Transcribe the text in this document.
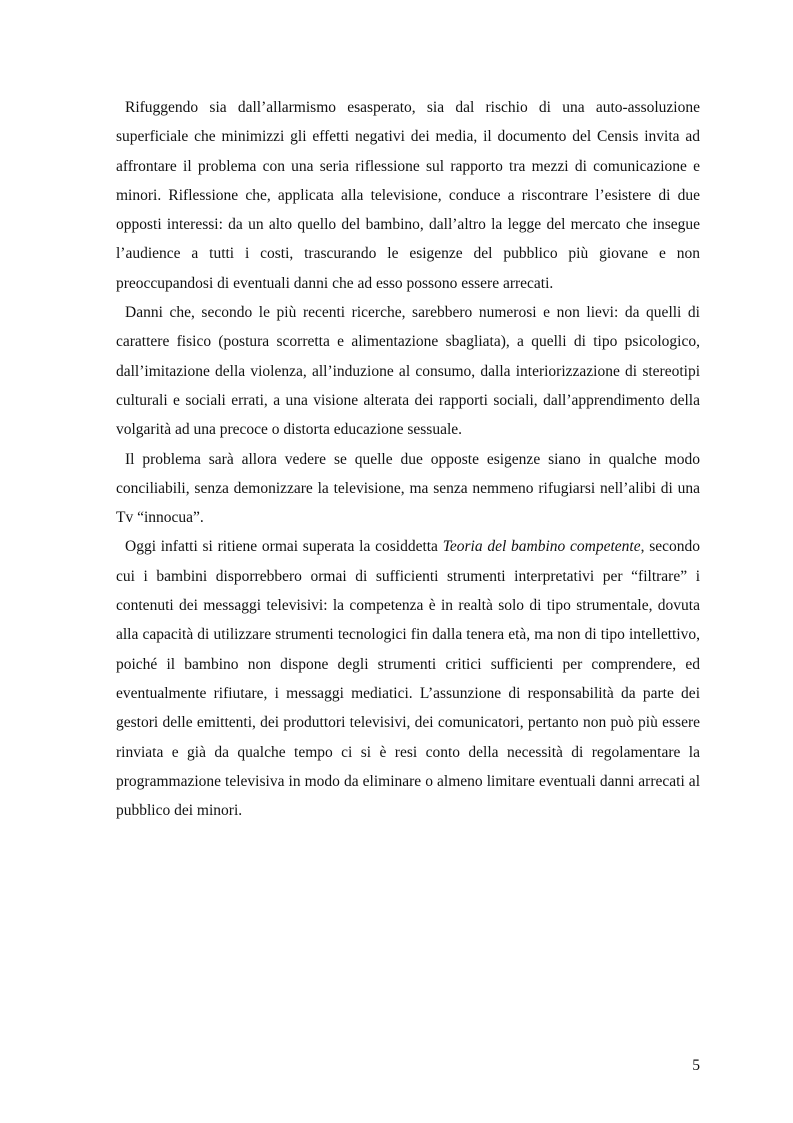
Rifuggendo sia dall’allarmismo esasperato, sia dal rischio di una auto-assoluzione superficiale che minimizzi gli effetti negativi dei media, il documento del Censis invita ad affrontare il problema con una seria riflessione sul rapporto tra mezzi di comunicazione e minori. Riflessione che, applicata alla televisione, conduce a riscontrare l’esistere di due opposti interessi: da un alto quello del bambino, dall’altro la legge del mercato che insegue l’audience a tutti i costi, trascurando le esigenze del pubblico più giovane e non preoccupandosi di eventuali danni che ad esso possono essere arrecati.

Danni che, secondo le più recenti ricerche, sarebbero numerosi e non lievi: da quelli di carattere fisico (postura scorretta e alimentazione sbagliata), a quelli di tipo psicologico, dall’imitazione della violenza, all’induzione al consumo, dalla interiorizzazione di stereotipi culturali e sociali errati, a una visione alterata dei rapporti sociali, dall’apprendimento della volgarità ad una precoce o distorta educazione sessuale.

Il problema sarà allora vedere se quelle due opposte esigenze siano in qualche modo conciliabili, senza demonizzare la televisione, ma senza nemmeno rifugiarsi nell’alibi di una Tv “innocua”.

Oggi infatti si ritiene ormai superata la cosiddetta Teoria del bambino competente, secondo cui i bambini disporrebbero ormai di sufficienti strumenti interpretativi per “filtrare” i contenuti dei messaggi televisivi: la competenza è in realtà solo di tipo strumentale, dovuta alla capacità di utilizzare strumenti tecnologici fin dalla tenera età, ma non di tipo intellettivo, poiché il bambino non dispone degli strumenti critici sufficienti per comprendere, ed eventualmente rifiutare, i messaggi mediatici. L’assunzione di responsabilità da parte dei gestori delle emittenti, dei produttori televisivi, dei comunicatori, pertanto non può più essere rinviata e già da qualche tempo ci si è resi conto della necessità di regolamentare la programmazione televisiva in modo da eliminare o almeno limitare eventuali danni arrecati al pubblico dei minori.

5
